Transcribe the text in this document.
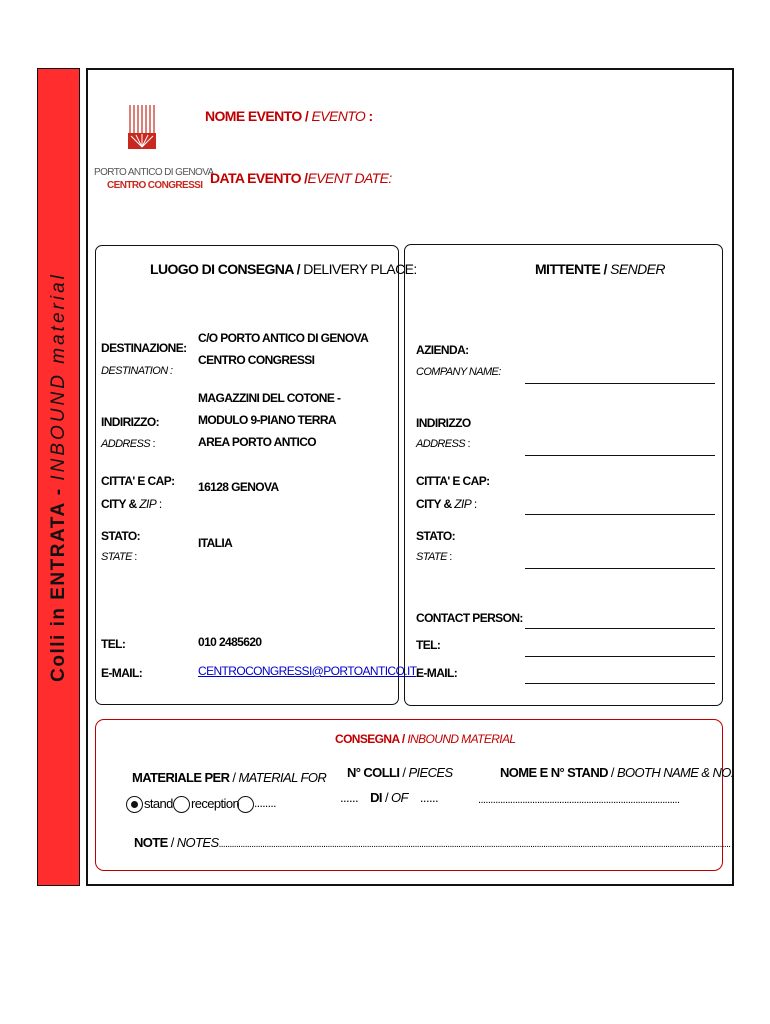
Colli in ENTRATA - INBOUND material
PORTO ANTICO DI GENOVA
CENTRO CONGRESSI
NOME EVENTO / EVENTO :
DATA EVENTO /EVENT DATE:
LUOGO DI CONSEGNA / DELIVERY PLACE:
DESTINAZIONE:
DESTINATION :
C/O PORTO ANTICO DI GENOVA
CENTRO CONGRESSI
MAGAZZINI DEL COTONE -
MODULO 9-PIANO TERRA
AREA PORTO ANTICO
INDIRIZZO:
ADDRESS :
CITTA' E CAP:
CITY & ZIP :
16128 GENOVA
STATO:
STATE :
ITALIA
TEL:	010 2485620
E-MAIL:	CENTROCONGRESSI@PORTOANTICO.IT
MITTENTE / SENDER
AZIENDA:
COMPANY NAME:
INDIRIZZO
ADDRESS :
CITTA' E CAP:
CITY & ZIP :
STATO:
STATE :
CONTACT PERSON:
TEL:
E-MAIL:
CONSEGNA / INBOUND MATERIAL
MATERIALE PER / MATERIAL FOR
stand reception ........
N° COLLI / PIECES
...... DI / OF ......
NOME E N° STAND / BOOTH NAME & NO.
..................................................................................
NOTE / NOTES...........................................................................................................................................................................................................................................
